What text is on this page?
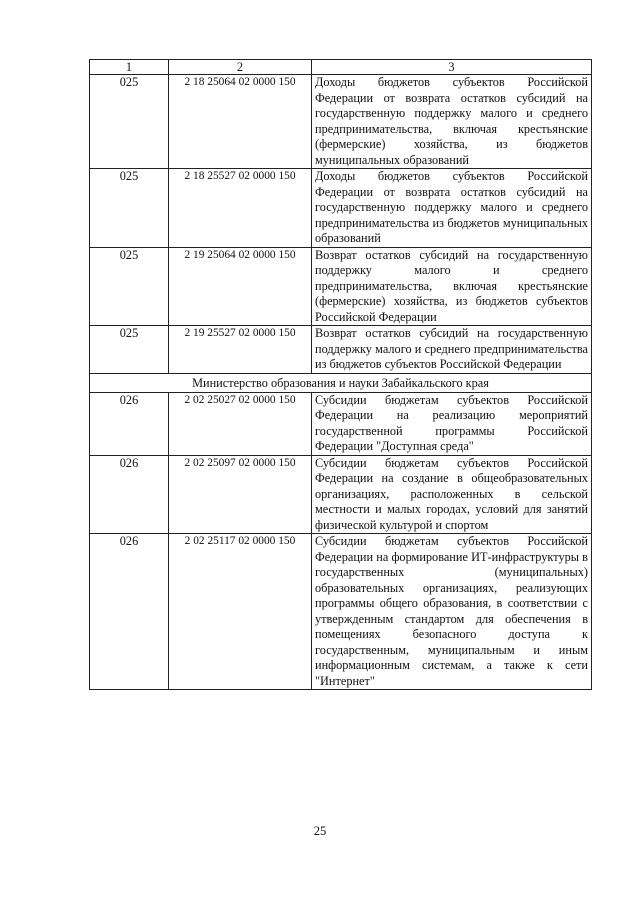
1	2	3
025	2 18 25064 02 0000 150	Доходы бюджетов субъектов Российской Федерации от возврата остатков субсидий на государственную поддержку малого и среднего предпринимательства, включая крестьянские (фермерские) хозяйства, из бюджетов муниципальных образований
025	2 18 25527 02 0000 150	Доходы бюджетов субъектов Российской Федерации от возврата остатков субсидий на государственную поддержку малого и среднего предпринимательства из бюджетов муниципальных образований
025	2 19 25064 02 0000 150	Возврат остатков субсидий на государственную поддержку малого и среднего предпринимательства, включая крестьянские (фермерские) хозяйства, из бюджетов субъектов Российской Федерации
025	2 19 25527 02 0000 150	Возврат остатков субсидий на государственную поддержку малого и среднего предпринимательства из бюджетов субъектов Российской Федерации
Министерство образования и науки Забайкальского края		
026	2 02 25027 02 0000 150	Субсидии бюджетам субъектов Российской Федерации на реализацию мероприятий государственной программы Российской Федерации "Доступная среда"
026	2 02 25097 02 0000 150	Субсидии бюджетам субъектов Российской Федерации на создание в общеобразовательных организациях, расположенных в сельской местности и малых городах, условий для занятий физической культурой и спортом
026	2 02 25117 02 0000 150	Субсидии бюджетам субъектов Российской Федерации на формирование ИТ-инфраструктуры в государственных (муниципальных) образовательных организациях, реализующих программы общего образования, в соответствии с утвержденным стандартом для обеспечения в помещениях безопасного доступа к государственным, муниципальным и иным информационным системам, а также к сети "Интернет"
25
